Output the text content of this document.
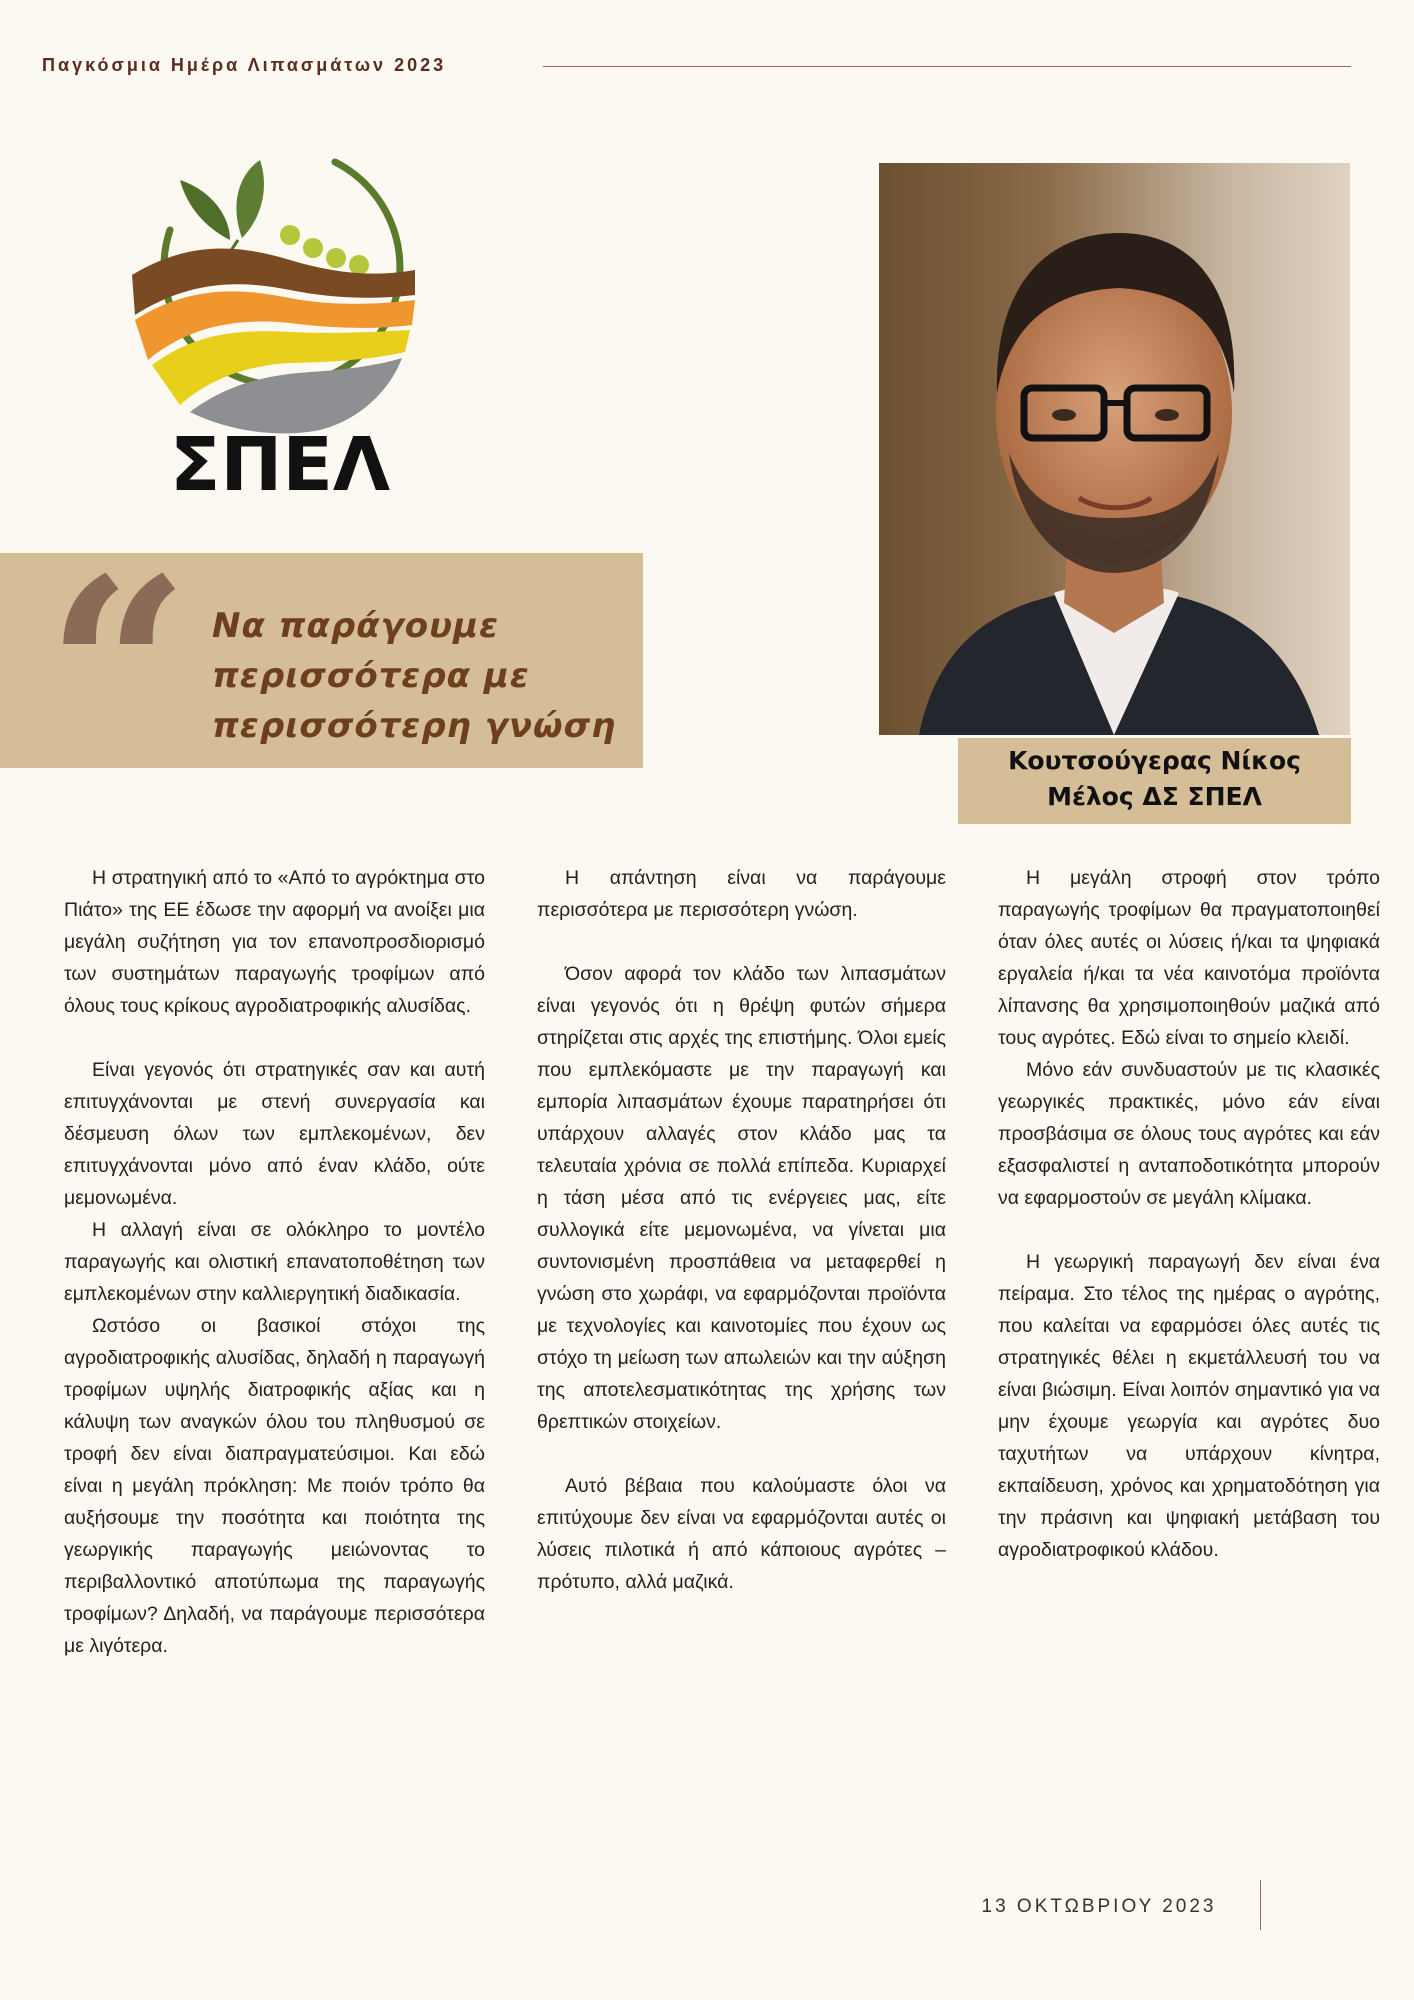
Παγκόσμια Ημέρα Λιπασμάτων 2023
ΣΠΕΛ
“ Να παράγουμε περισσότερα με περισσότερη γνώση
Κουτσούγερας Νίκος
Μέλος ΔΣ ΣΠΕΛ

Η στρατηγική από το «Από το αγρόκτημα στο Πιάτο» της ΕΕ έδωσε την αφορμή να ανοίξει μια μεγάλη συζήτηση για τον επανοπροσδιορισμό των συστημάτων παραγωγής τροφίμων από όλους τους κρίκους αγροδιατροφικής αλυσίδας.

Είναι γεγονός ότι στρατηγικές σαν και αυτή επιτυγχάνονται με στενή συνεργασία και δέσμευση όλων των εμπλεκομένων, δεν επιτυγχάνονται μόνο από έναν κλάδο, ούτε μεμονωμένα.

Η αλλαγή είναι σε ολόκληρο το μοντέλο παραγωγής και ολιστική επανατοποθέτηση των εμπλεκομένων στην καλλιεργητική διαδικασία.

Ωστόσο οι βασικοί στόχοι της αγροδιατροφικής αλυσίδας, δηλαδή η παραγωγή τροφίμων υψηλής διατροφικής αξίας και η κάλυψη των αναγκών όλου του πληθυσμού σε τροφή δεν είναι διαπραγματεύσιμοι. Και εδώ είναι η μεγάλη πρόκληση: Με ποιόν τρόπο θα αυξήσουμε την ποσότητα και ποιότητα της γεωργικής παραγωγής μειώνοντας το περιβαλλοντικό αποτύπωμα της παραγωγής τροφίμων? Δηλαδή, να παράγουμε περισσότερα με λιγότερα.

Η απάντηση είναι να παράγουμε περισσότερα με περισσότερη γνώση.

Όσον αφορά τον κλάδο των λιπασμάτων είναι γεγονός ότι η θρέψη φυτών σήμερα στηρίζεται στις αρχές της επιστήμης. Όλοι εμείς που εμπλεκόμαστε με την παραγωγή και εμπορία λιπασμάτων έχουμε παρατηρήσει ότι υπάρχουν αλλαγές στον κλάδο μας τα τελευταία χρόνια σε πολλά επίπεδα. Κυριαρχεί η τάση μέσα από τις ενέργειες μας, είτε συλλογικά είτε μεμονωμένα, να γίνεται μια συντονισμένη προσπάθεια να μεταφερθεί η γνώση στο χωράφι, να εφαρμόζονται προϊόντα με τεχνολογίες και καινοτομίες που έχουν ως στόχο τη μείωση των απωλειών και την αύξηση της αποτελεσματικότητας της χρήσης των θρεπτικών στοιχείων.

Αυτό βέβαια που καλούμαστε όλοι να επιτύχουμε δεν είναι να εφαρμόζονται αυτές οι λύσεις πιλοτικά ή από κάποιους αγρότες – πρότυπο, αλλά μαζικά.

Η μεγάλη στροφή στον τρόπο παραγωγής τροφίμων θα πραγματοποιηθεί όταν όλες αυτές οι λύσεις ή/και τα ψηφιακά εργαλεία ή/και τα νέα καινοτόμα προϊόντα λίπανσης θα χρησιμοποιηθούν μαζικά από τους αγρότες. Εδώ είναι το σημείο κλειδί.

Μόνο εάν συνδυαστούν με τις κλασικές γεωργικές πρακτικές, μόνο εάν είναι προσβάσιμα σε όλους τους αγρότες και εάν εξασφαλιστεί η ανταποδοτικότητα μπορούν να εφαρμοστούν σε μεγάλη κλίμακα.

Η γεωργική παραγωγή δεν είναι ένα πείραμα. Στο τέλος της ημέρας ο αγρότης, που καλείται να εφαρμόσει όλες αυτές τις στρατηγικές θέλει η εκμετάλλευσή του να είναι βιώσιμη. Είναι λοιπόν σημαντικό για να μην έχουμε γεωργία και αγρότες δυο ταχυτήτων να υπάρχουν κίνητρα, εκπαίδευση, χρόνος και χρηματοδότηση για την πράσινη και ψηφιακή μετάβαση του αγροδιατροφικού κλάδου.

13 ΟΚΤΩΒΡΙΟΥ 2023
